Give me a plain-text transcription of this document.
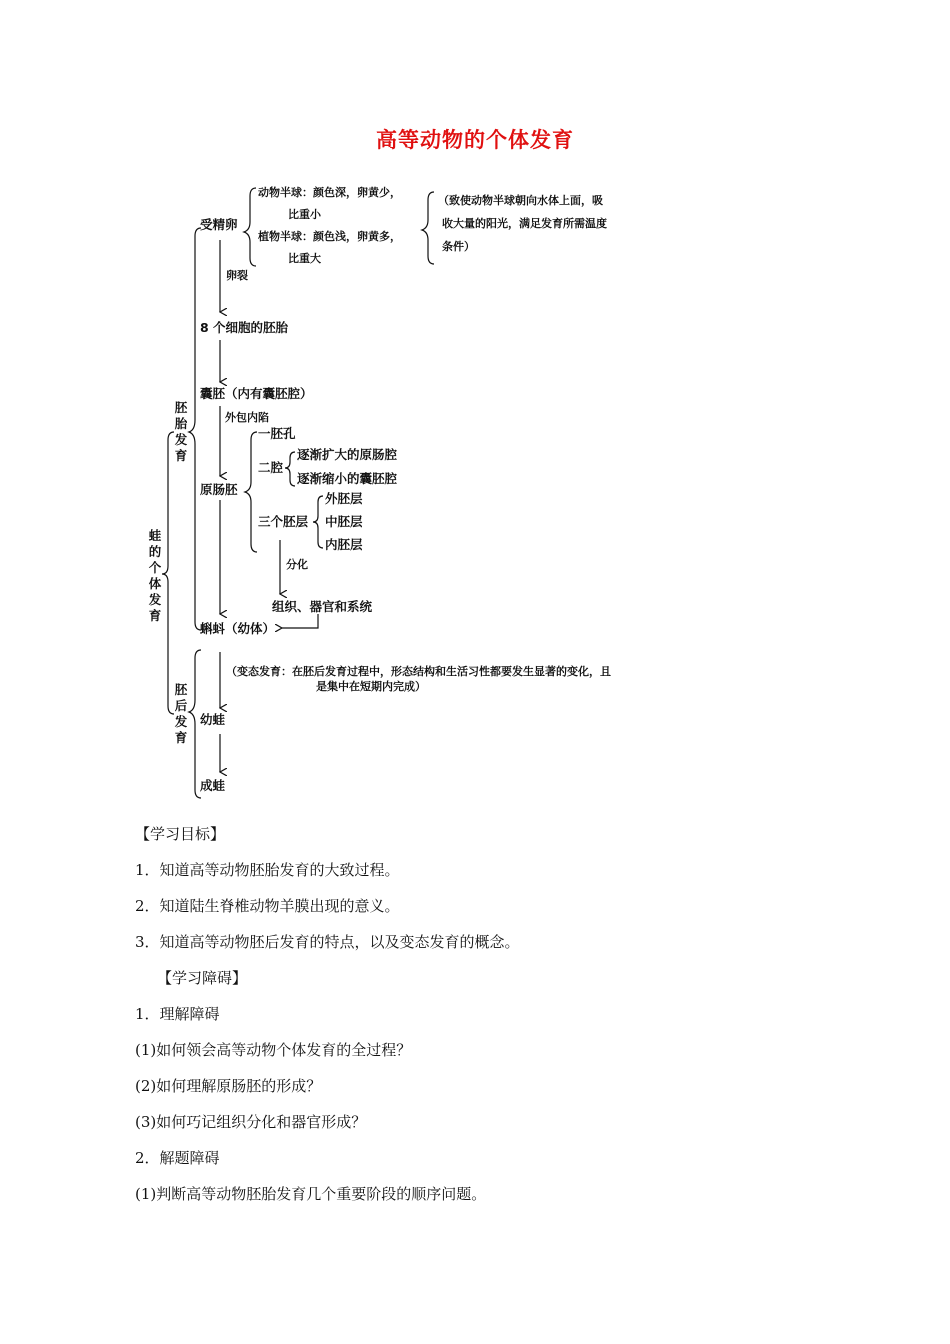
高等动物的个体发育
蛙
的
个
体
发
育
胚
胎
发
育
胚
后
发
育
受精卵
动物半球：颜色深，卵黄少，
比重小
植物半球：颜色浅，卵黄多，
比重大
（致使动物半球朝向水体上面，吸
收大量的阳光，满足发育所需温度
条件）
卵裂
8 个细胞的胚胎
囊胚（内有囊胚腔）
外包内陷
原肠胚
一胚孔
二腔
逐渐扩大的原肠腔
逐渐缩小的囊胚腔
三个胚层
外胚层
中胚层
内胚层
分化
组织、器官和系统
蝌蚪（幼体）
（变态发育：在胚后发育过程中，形态结构和生活习性都要发生显著的变化，且
是集中在短期内完成）
幼蛙
成蛙
【学习目标】
1．知道高等动物胚胎发育的大致过程。
2．知道陆生脊椎动物羊膜出现的意义。
3．知道高等动物胚后发育的特点，以及变态发育的概念。
【学习障碍】
1．理解障碍
(1)如何领会高等动物个体发育的全过程？
(2)如何理解原肠胚的形成？
(3)如何巧记组织分化和器官形成？
2．解题障碍
(1)判断高等动物胚胎发育几个重要阶段的顺序问题。
